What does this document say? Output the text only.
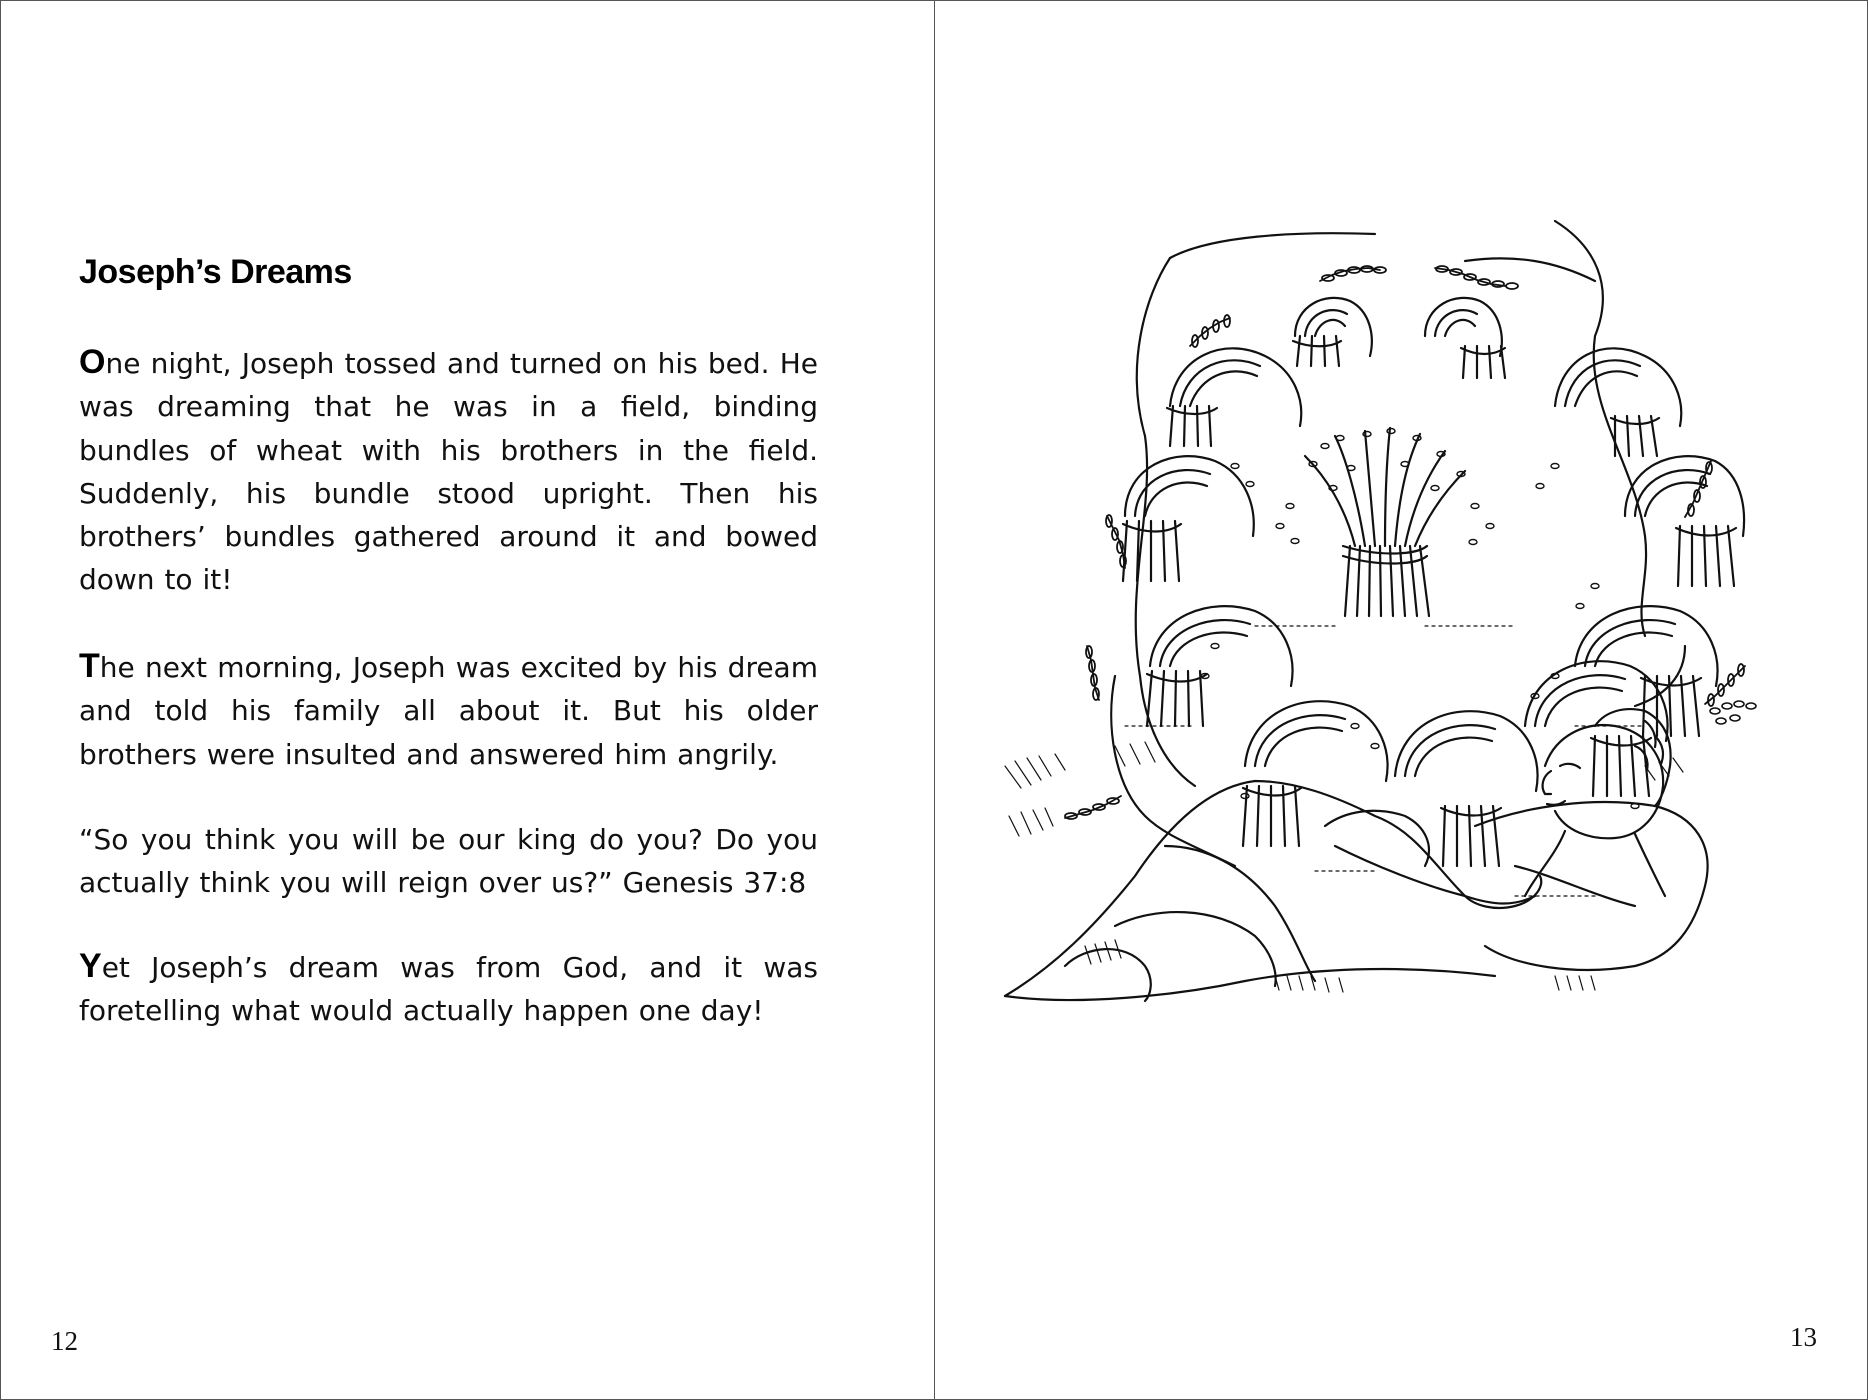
Joseph’s Dreams

One night, Joseph tossed and turned on his bed. He was dreaming that he was in a field, binding bundles of wheat with his brothers in the field. Suddenly, his bundle stood upright. Then his brothers’ bundles gathered around it and bowed down to it!

The next morning, Joseph was excited by his dream and told his family all about it. But his older brothers were insulted and answered him angrily.

“So you think you will be our king do you? Do you actually think you will reign over us?” Genesis 37:8

Yet Joseph’s dream was from God, and it was foretelling what would actually happen one day!

12	13
